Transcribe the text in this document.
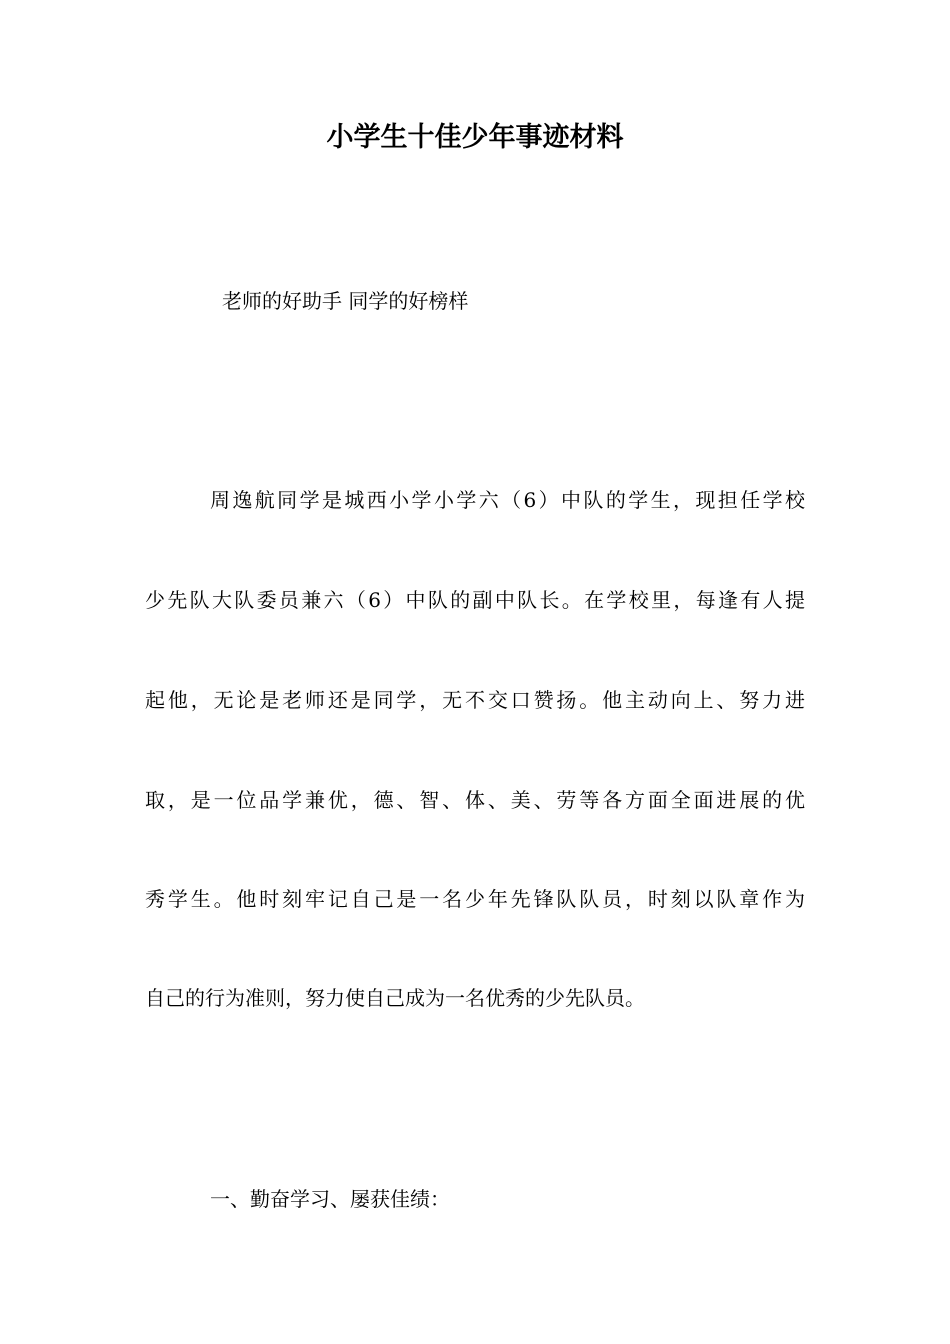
小学生十佳少年事迹材料

老师的好助手 同学的好榜样

周逸航同学是城西小学小学六（6）中队的学生，现担任学校

少先队大队委员兼六（6）中队的副中队长。在学校里，每逢有人提

起他，无论是老师还是同学，无不交口赞扬。他主动向上、努力进

取，是一位品学兼优，德、智、体、美、劳等各方面全面进展的优

秀学生。他时刻牢记自己是一名少年先锋队队员，时刻以队章作为

自己的行为准则，努力使自己成为一名优秀的少先队员。

一、勤奋学习、屡获佳绩：
